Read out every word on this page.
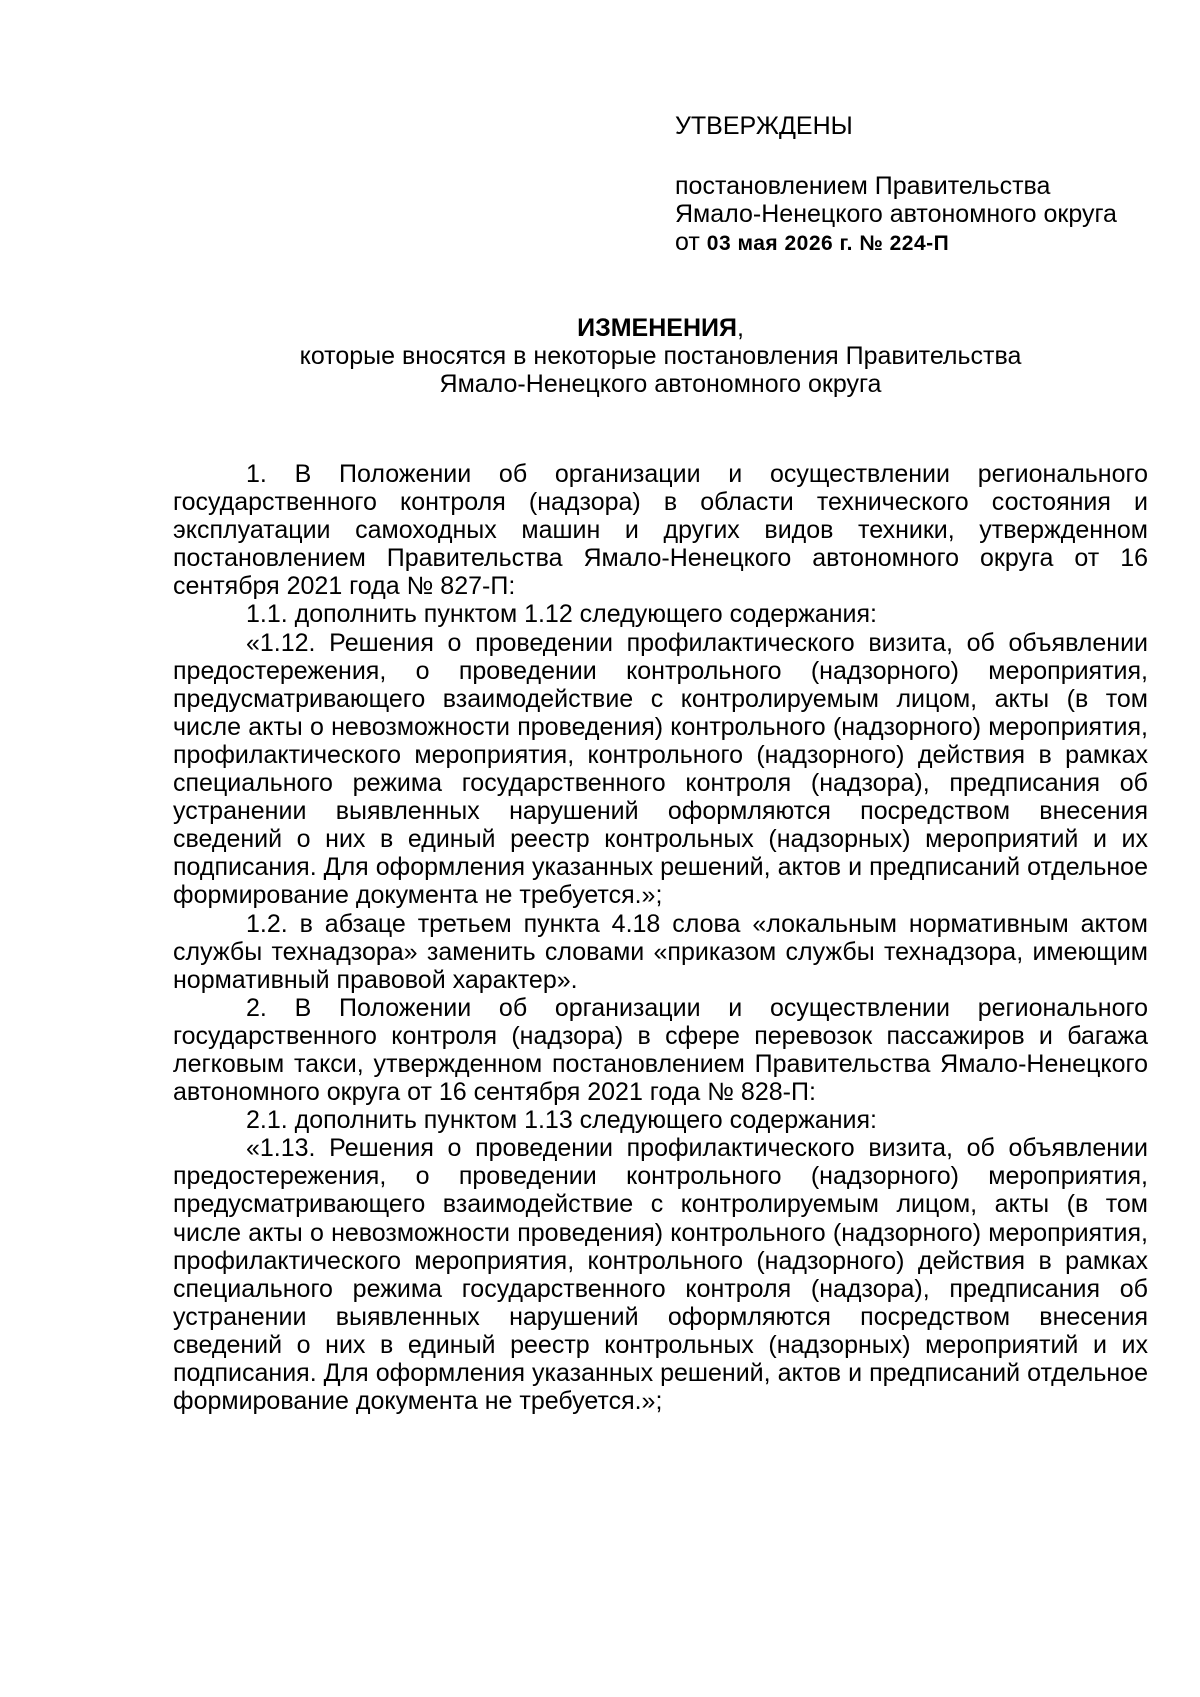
УТВЕРЖДЕНЫ
постановлением Правительства
Ямало-Ненецкого автономного округа
от 03 мая 2026 г. № 224-П
ИЗМЕНЕНИЯ,
которые вносятся в некоторые постановления Правительства
Ямало-Ненецкого автономного округа

1. В Положении об организации и осуществлении регионального государственного контроля (надзора) в области технического состояния и эксплуатации самоходных машин и других видов техники, утвержденном постановлением Правительства Ямало-Ненецкого автономного округа от 16 сентября 2021 года № 827-П:

1.1. дополнить пунктом 1.12 следующего содержания:

«1.12. Решения о проведении профилактического визита, об объявлении предостережения, о проведении контрольного (надзорного) мероприятия, предусматривающего взаимодействие с контролируемым лицом, акты (в том числе акты о невозможности проведения) контрольного (надзорного) мероприятия, профилактического мероприятия, контрольного (надзорного) действия в рамках специального режима государственного контроля (надзора), предписания об устранении выявленных нарушений оформляются посредством внесения сведений о них в единый реестр контрольных (надзорных) мероприятий и их подписания. Для оформления указанных решений, актов и предписаний отдельное формирование документа не требуется.»;

1.2. в абзаце третьем пункта 4.18 слова «локальным нормативным актом службы технадзора» заменить словами «приказом службы технадзора, имеющим нормативный правовой характер».

2. В Положении об организации и осуществлении регионального государственного контроля (надзора) в сфере перевозок пассажиров и багажа легковым такси, утвержденном постановлением Правительства Ямало-Ненецкого автономного округа от 16 сентября 2021 года № 828-П:

2.1. дополнить пунктом 1.13 следующего содержания:

«1.13. Решения о проведении профилактического визита, об объявлении предостережения, о проведении контрольного (надзорного) мероприятия, предусматривающего взаимодействие с контролируемым лицом, акты (в том числе акты о невозможности проведения) контрольного (надзорного) мероприятия, профилактического мероприятия, контрольного (надзорного) действия в рамках специального режима государственного контроля (надзора), предписания об устранении выявленных нарушений оформляются посредством внесения сведений о них в единый реестр контрольных (надзорных) мероприятий и их подписания. Для оформления указанных решений, актов и предписаний отдельное формирование документа не требуется.»;
